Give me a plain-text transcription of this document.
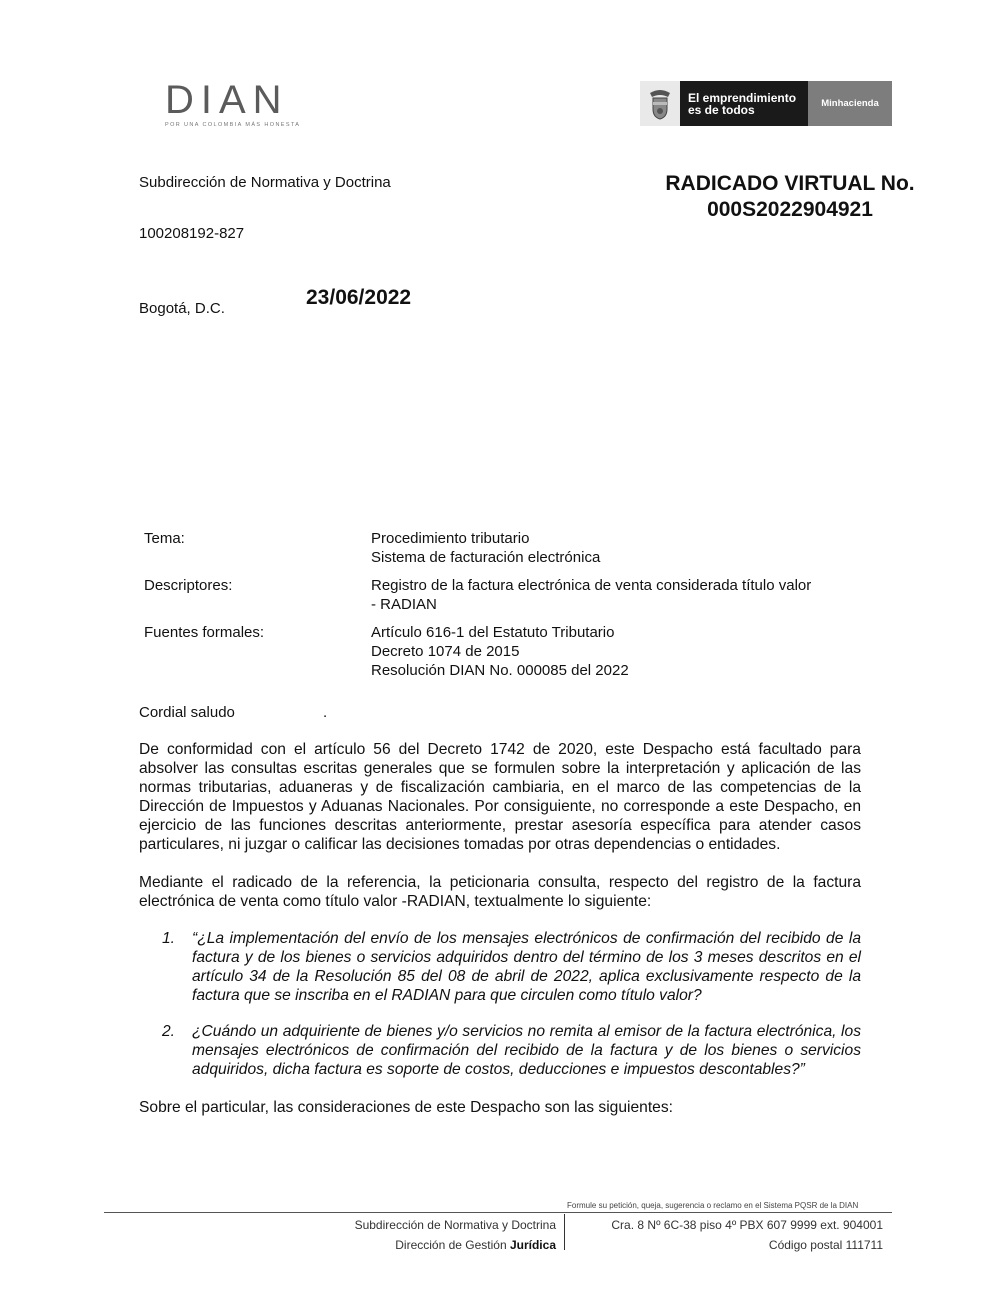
DIAN
POR UNA COLOMBIA MÁS HONESTA
El emprendimiento
es de todos	Minhacienda
Subdirección de Normativa y Doctrina	RADICADO VIRTUAL No.
000S2022904921
100208192-827
Bogotá, D.C.	23/06/2022
Tema:	Procedimiento tributario
Sistema de facturación electrónica
Descriptores:	Registro de la factura electrónica de venta considerada título valor
- RADIAN
Fuentes formales:	Artículo 616-1 del Estatuto Tributario
Decreto 1074 de 2015
Resolución DIAN No. 000085 del 2022
Cordial saludo	.
De conformidad con el artículo 56 del Decreto 1742 de 2020, este Despacho está facultado para absolver las consultas escritas generales que se formulen sobre la interpretación y aplicación de las normas tributarias, aduaneras y de fiscalización cambiaria, en el marco de las competencias de la Dirección de Impuestos y Aduanas Nacionales. Por consiguiente, no corresponde a este Despacho, en ejercicio de las funciones descritas anteriormente, prestar asesoría específica para atender casos particulares, ni juzgar o calificar las decisiones tomadas por otras dependencias o entidades.
Mediante el radicado de la referencia, la peticionaria consulta, respecto del registro de la factura electrónica de venta como título valor -RADIAN, textualmente lo siguiente:
1. “¿La implementación del envío de los mensajes electrónicos de confirmación del recibido de la factura y de los bienes o servicios adquiridos dentro del término de los 3 meses descritos en el artículo 34 de la Resolución 85 del 08 de abril de 2022, aplica exclusivamente respecto de la factura que se inscriba en el RADIAN para que circulen como título valor?
2. ¿Cuándo un adquiriente de bienes y/o servicios no remita al emisor de la factura electrónica, los mensajes electrónicos de confirmación del recibido de la factura y de los bienes o servicios adquiridos, dicha factura es soporte de costos, deducciones e impuestos descontables?”
Sobre el particular, las consideraciones de este Despacho son las siguientes:
Formule su petición, queja, sugerencia o reclamo en el Sistema PQSR de la DIAN
Subdirección de Normativa y Doctrina
Dirección de Gestión Jurídica
Cra. 8 Nº 6C-38 piso 4º PBX 607 9999 ext. 904001
Código postal 111711
